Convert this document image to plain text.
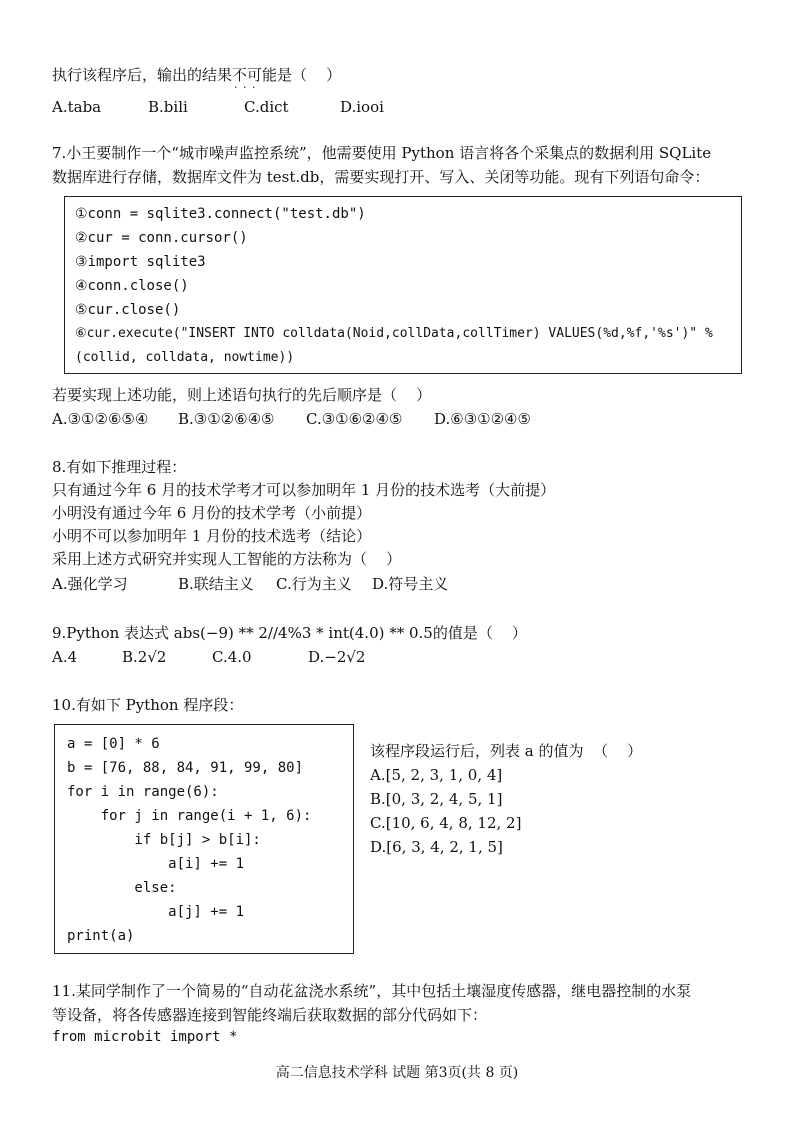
执行该程序后，输出的结果不可能 · · ·是（    ）
A.taba	B.bili	C.dict	D.iooi
7.小王要制作一个“城市噪声监控系统”，他需要使用 Python 语言将各个采集点的数据利用 SQLite
数据库进行存储，数据库文件为 test.db，需要实现打开、写入、关闭等功能。现有下列语句命令：
①conn = sqlite3.connect("test.db")
②cur = conn.cursor()
③import sqlite3
④conn.close()
⑤cur.close()
⑥cur.execute("INSERT INTO colldata(Noid,collData,collTimer) VALUES(%d,%f,'%s')" %
(collid, colldata, nowtime))
若要实现上述功能，则上述语句执行的先后顺序是（    ）
A.③①②⑥⑤④ B.③①②⑥④⑤ C.③①⑥②④⑤ D.⑥③①②④⑤
8.有如下推理过程：
只有通过今年 6 月的技术学考才可以参加明年 1 月份的技术选考（大前提）
小明没有通过今年 6 月份的技术学考（小前提）
小明不可以参加明年 1 月份的技术选考（结论）
采用上述方式研究并实现人工智能的方法称为（    ）
A.强化学习	B.联结主义 C.行为主义 D.符号主义
9.Python 表达式 abs(−9) ** 2//4%3 * int(4.0) ** 0.5的值是（    ）
A.4	B.2√2	C.4.0	D.−2√2
10.有如下 Python 程序段：
a = [0] * 6
b = [76, 88, 84, 91, 99, 80]
for i in range(6):
for j in range(i + 1, 6):
if b[j] > b[i]:
a[i] += 1
else:
a[j] += 1
print(a)
该程序段运行后，列表 a 的值为  （    ）
A.[5, 2, 3, 1, 0, 4]
B.[0, 3, 2, 4, 5, 1]
C.[10, 6, 4, 8, 12, 2]
D.[6, 3, 4, 2, 1, 5]
11.某同学制作了一个简易的“自动花盆浇水系统”，其中包括土壤湿度传感器，继电器控制的水泵
等设备，将各传感器连接到智能终端后获取数据的部分代码如下：
from microbit import *
高二信息技术学科 试题 第3页(共 8 页)
